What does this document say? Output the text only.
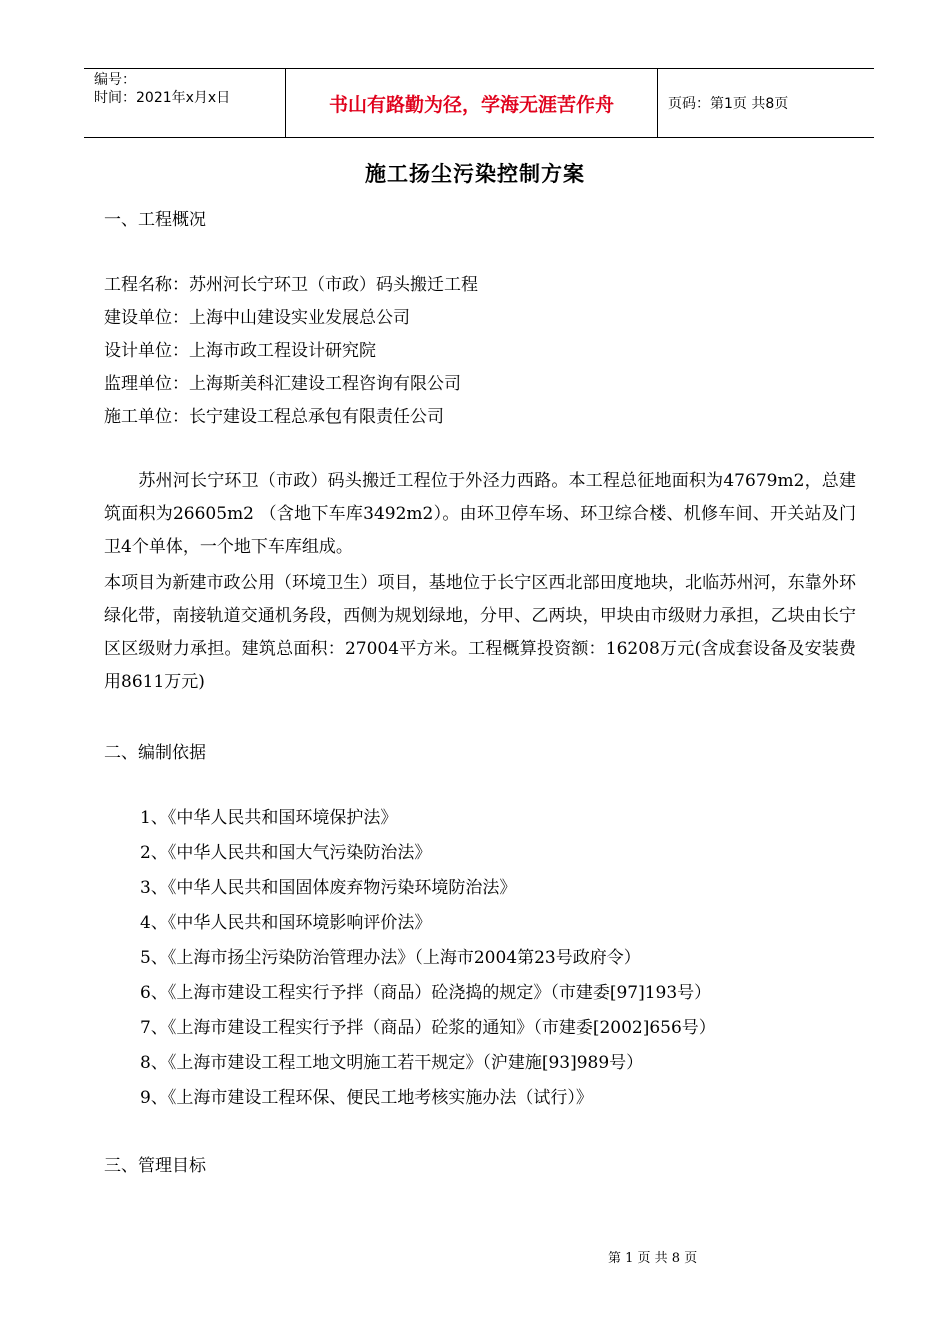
编号：
时间：2021年x月x日	书山有路勤为径，学海无涯苦作舟	页码：第1页 共8页
施工扬尘污染控制方案
一、工程概况
工程名称：苏州河长宁环卫（市政）码头搬迁工程
建设单位：上海中山建设实业发展总公司
设计单位：上海市政工程设计研究院
监理单位：上海斯美科汇建设工程咨询有限公司
施工单位：长宁建设工程总承包有限责任公司
　　苏州河长宁环卫（市政）码头搬迁工程位于外泾力西路。本工程总征地面积为47679m2，总建筑面积为26605m2 （含地下车库3492m2）。由环卫停车场、环卫综合楼、机修车间、开关站及门卫4个单体，一个地下车库组成。
本项目为新建市政公用（环境卫生）项目，基地位于长宁区西北部田度地块，北临苏州河，东靠外环绿化带，南接轨道交通机务段，西侧为规划绿地，分甲、乙两块，甲块由市级财力承担，乙块由长宁区区级财力承担。建筑总面积：27004平方米。工程概算投资额：16208万元(含成套设备及安装费用8611万元)
二、编制依据
1、《中华人民共和国环境保护法》
2、《中华人民共和国大气污染防治法》
3、《中华人民共和国固体废弃物污染环境防治法》
4、《中华人民共和国环境影响评价法》
5、《上海市扬尘污染防治管理办法》（上海市2004第23号政府令）
6、《上海市建设工程实行予拌（商品）砼浇捣的规定》（市建委[97]193号）
7、《上海市建设工程实行予拌（商品）砼浆的通知》（市建委[2002]656号）
8、《上海市建设工程工地文明施工若干规定》（沪建施[93]989号）
9、《上海市建设工程环保、便民工地考核实施办法（试行）》
三、管理目标
第 1 页 共 8 页
